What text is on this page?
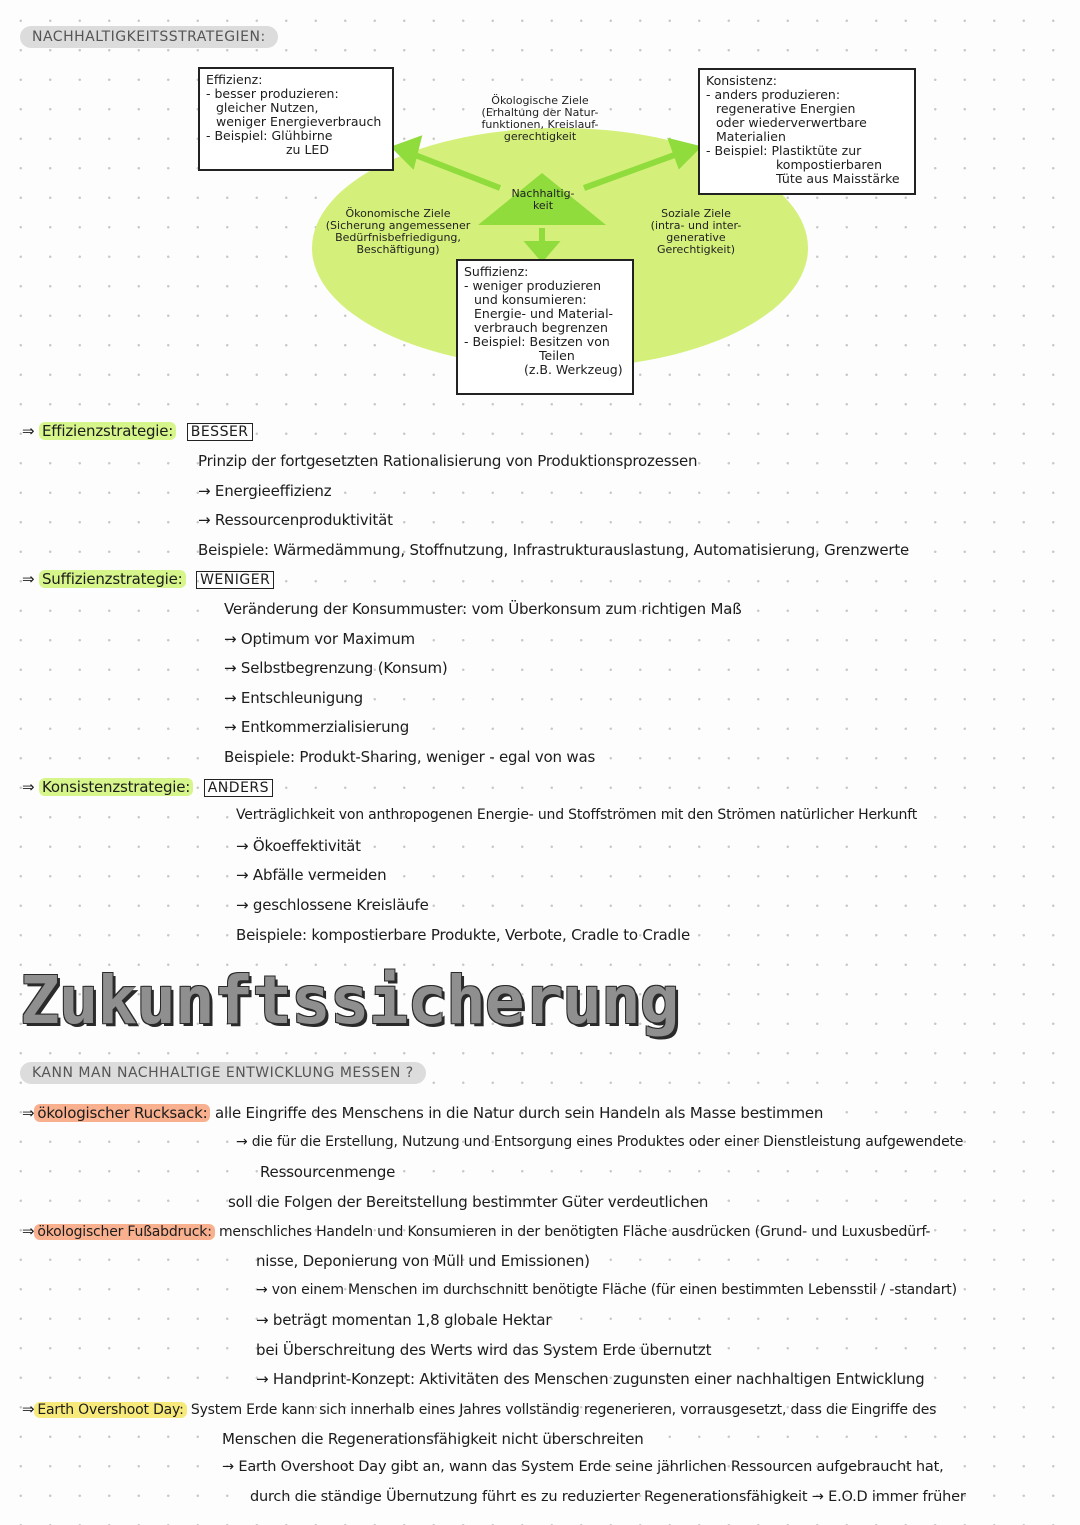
NACHHALTIGKEITSSTRATEGIEN:
Nachhaltig-
keit
Effizienz:
- besser produzieren:
gleicher Nutzen,
weniger Energieverbrauch
- Beispiel: Glühbirne
zu LED
Konsistenz:
- anders produzieren:
regenerative Energien
oder wiederverwertbare
Materialien
- Beispiel: Plastiktüte zur
kompostierbaren
Tüte aus Maisstärke
Suffizienz:
- weniger produzieren
und konsumieren:
Energie- und Material-
verbrauch begrenzen
- Beispiel: Besitzen von
Teilen
(z.B. Werkzeug)
Ökologische Ziele
(Erhaltung der Natur-
funktionen, Kreislauf-
gerechtigkeit
Ökonomische Ziele
(Sicherung angemessener
Bedürfnisbefriedigung,
Beschäftigung)
Soziale Ziele
(intra- und inter-
generative
Gerechtigkeit)
⇒ Effizienzstrategie: BESSER
Prinzip der fortgesetzten Rationalisierung von Produktionsprozessen
→ Energieeffizienz
→ Ressourcenproduktivität
Beispiele: Wärmedämmung, Stoffnutzung, Infrastrukturauslastung, Automatisierung, Grenzwerte
⇒ Suffizienzstrategie: WENIGER
Veränderung der Konsummuster: vom Überkonsum zum richtigen Maß
→ Optimum vor Maximum
→ Selbstbegrenzung (Konsum)
→ Entschleunigung
→ Entkommerzialisierung
Beispiele: Produkt-Sharing, weniger - egal von was
⇒ Konsistenzstrategie: ANDERS
Verträglichkeit von anthropogenen Energie- und Stoffströmen mit den Strömen natürlicher Herkunft
→ Ökoeffektivität
→ Abfälle vermeiden
→ geschlossene Kreisläufe
Beispiele: kompostierbare Produkte, Verbote, Cradle to Cradle
Zukunftssicherung
KANN MAN NACHHALTIGE ENTWICKLUNG MESSEN ?
⇒ ökologischer Rucksack: alle Eingriffe des Menschens in die Natur durch sein Handeln als Masse bestimmen
→ die für die Erstellung, Nutzung und Entsorgung eines Produktes oder einer Dienstleistung aufgewendete
Ressourcenmenge
soll die Folgen der Bereitstellung bestimmter Güter verdeutlichen
⇒ ökologischer Fußabdruck: menschliches Handeln und Konsumieren in der benötigten Fläche ausdrücken (Grund- und Luxusbedürf-
nisse, Deponierung von Müll und Emissionen)
→ von einem Menschen im durchschnitt benötigte Fläche (für einen bestimmten Lebensstil / -standart)
→ beträgt momentan 1,8 globale Hektar
bei Überschreitung des Werts wird das System Erde übernutzt
→ Handprint-Konzept: Aktivitäten des Menschen zugunsten einer nachhaltigen Entwicklung
⇒ Earth Overshoot Day: System Erde kann sich innerhalb eines Jahres vollständig regenerieren, vorrausgesetzt, dass die Eingriffe des
Menschen die Regenerationsfähigkeit nicht überschreiten
→ Earth Overshoot Day gibt an, wann das System Erde seine jährlichen Ressourcen aufgebraucht hat,
durch die ständige Übernutzung führt es zu reduzierter Regenerationsfähigkeit → E.O.D immer früher
